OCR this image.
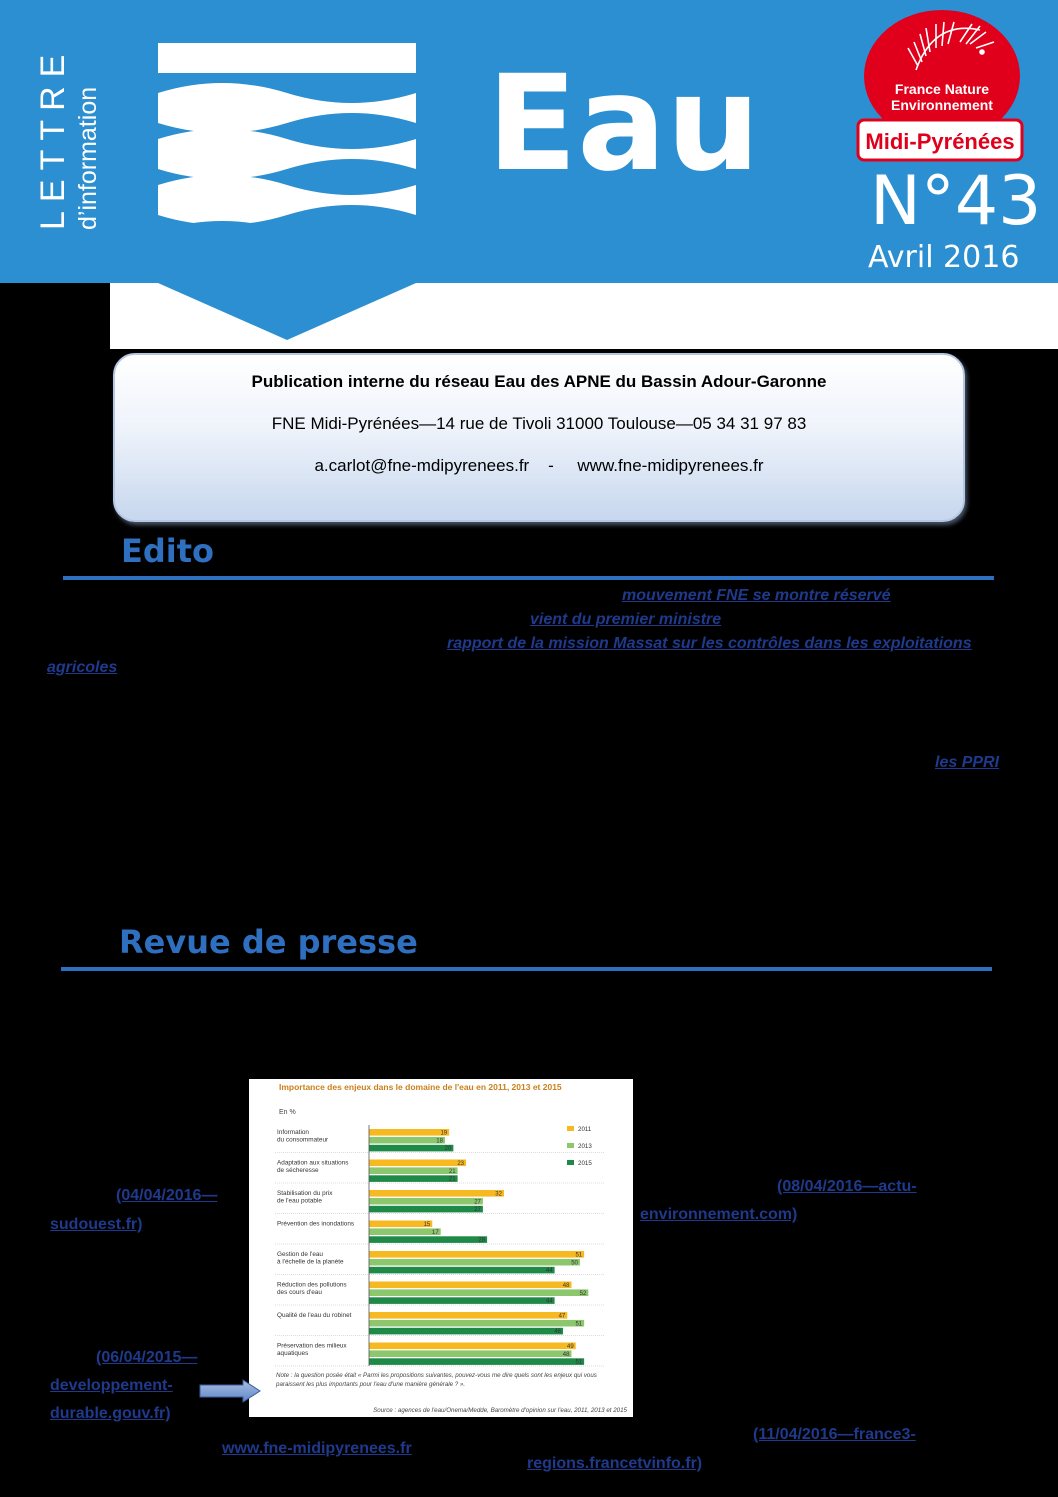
LETTRE d’information	Eau	France Nature
Environnement
Midi-Pyrénées
N°43
Avril 2016
Publication interne du réseau Eau des APNE du Bassin Adour-Garonne
FNE Midi-Pyrénées—14 rue de Tivoli 31000 Toulouse—05 34 31 97 83
a.carlot@fne-mdipyrenees.fr - www.fne-midipyrenees.fr
Edito
mouvement FNE se montre réservé
vient du premier ministre
rapport de la mission Massat sur les contrôles dans les exploitations
agricoles
les PPRI
Revue de presse
(04/04/2016—
sudouest.fr)
(08/04/2016—actu-
environnement.com)
(06/04/2015—
developpement-
durable.gouv.fr)
www.fne-midipyrenees.fr
(11/04/2016—france3-
regions.francetvinfo.fr)
Importance des enjeux dans le domaine de l'eau en 2011, 2013 et 2015
En %
Information
du consommateur
19
18
20
Adaptation aux situations
de sécheresse
23
21
21
Stabilisation du prix
de l'eau potable
32
27
27
Prévention des inondations	15
17
28
Gestion de l'eau
à l'échelle de la planète
51
50
44
Réduction des pollutions
des cours d'eau
48
52
44
Qualité de l'eau du robinet	47
51
46
Préservation des milieux
aquatiques
49
48
51
2011
2013
2015
Note : la question posée était « Parmi les propositions suivantes, pouvez-vous me dire quels sont les enjeux qui vous
paraissent les plus importants pour l'eau d'une manière générale ? ».
Source : agences de l'eau/Onema/Medde, Baromètre d'opinion sur l'eau, 2011, 2013 et 2015
